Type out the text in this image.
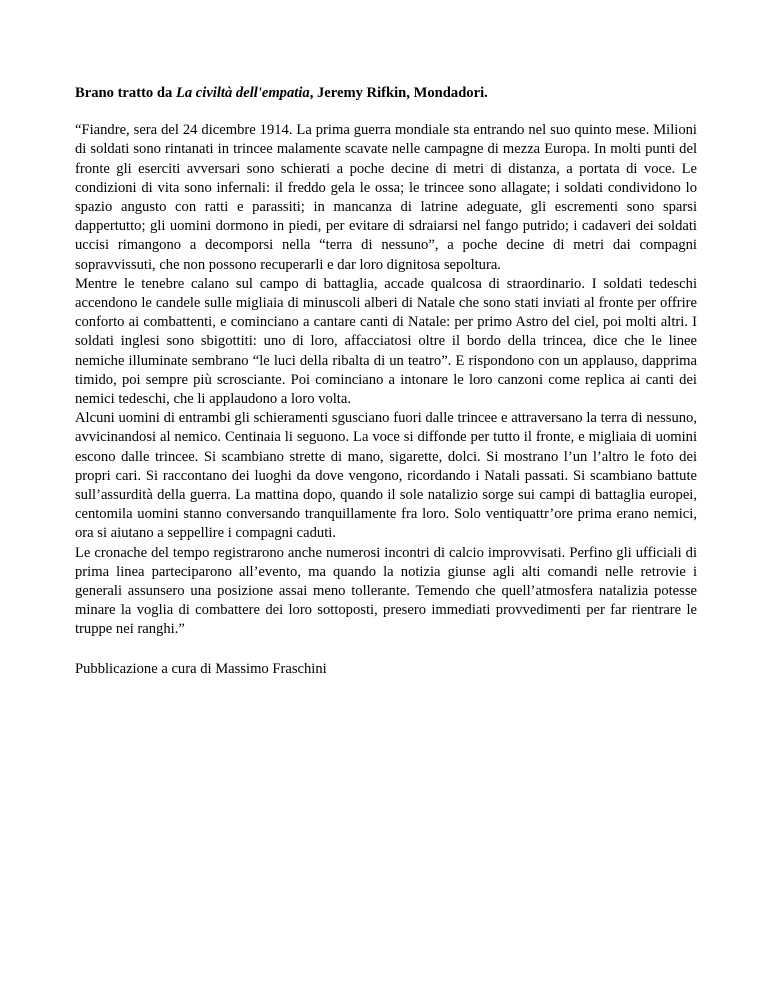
Brano tratto da La civiltà dell'empatia, Jeremy Rifkin, Mondadori.

“Fiandre, sera del 24 dicembre 1914. La prima guerra mondiale sta entrando nel suo quinto mese. Milioni di soldati sono rintanati in trincee malamente scavate nelle campagne di mezza Europa. In molti punti del fronte gli eserciti avversari sono schierati a poche decine di metri di distanza, a portata di voce. Le condizioni di vita sono infernali: il freddo gela le ossa; le trincee sono allagate; i soldati condividono lo spazio angusto con ratti e parassiti; in mancanza di latrine adeguate, gli escrementi sono sparsi dappertutto; gli uomini dormono in piedi, per evitare di sdraiarsi nel fango putrido; i cadaveri dei soldati uccisi rimangono a decomporsi nella “terra di nessuno”, a poche decine di metri dai compagni sopravvissuti, che non possono recuperarli e dar loro dignitosa sepoltura.

Mentre le tenebre calano sul campo di battaglia, accade qualcosa di straordinario. I soldati tedeschi accendono le candele sulle migliaia di minuscoli alberi di Natale che sono stati inviati al fronte per offrire conforto ai combattenti, e cominciano a cantare canti di Natale: per primo Astro del ciel, poi molti altri. I soldati inglesi sono sbigottiti: uno di loro, affacciatosi oltre il bordo della trincea, dice che le linee nemiche illuminate sembrano “le luci della ribalta di un teatro”. E rispondono con un applauso, dapprima timido, poi sempre più scrosciante. Poi cominciano a intonare le loro canzoni come replica ai canti dei nemici tedeschi, che li applaudono a loro volta.

Alcuni uomini di entrambi gli schieramenti sgusciano fuori dalle trincee e attraversano la terra di nessuno, avvicinandosi al nemico. Centinaia li seguono. La voce si diffonde per tutto il fronte, e migliaia di uomini escono dalle trincee. Si scambiano strette di mano, sigarette, dolci. Si mostrano l’un l’altro le foto dei propri cari. Si raccontano dei luoghi da dove vengono, ricordando i Natali passati. Si scambiano battute sull’assurdità della guerra. La mattina dopo, quando il sole natalizio sorge sui campi di battaglia europei, centomila uomini stanno conversando tranquillamente fra loro. Solo ventiquattr’ore prima erano nemici, ora si aiutano a seppellire i compagni caduti.

Le cronache del tempo registrarono anche numerosi incontri di calcio improvvisati. Perfino gli ufficiali di prima linea parteciparono all’evento, ma quando la notizia giunse agli alti comandi nelle retrovie i generali assunsero una posizione assai meno tollerante. Temendo che quell’atmosfera natalizia potesse minare la voglia di combattere dei loro sottoposti, presero immediati provvedimenti per far rientrare le truppe nei ranghi.”

Pubblicazione a cura di Massimo Fraschini
